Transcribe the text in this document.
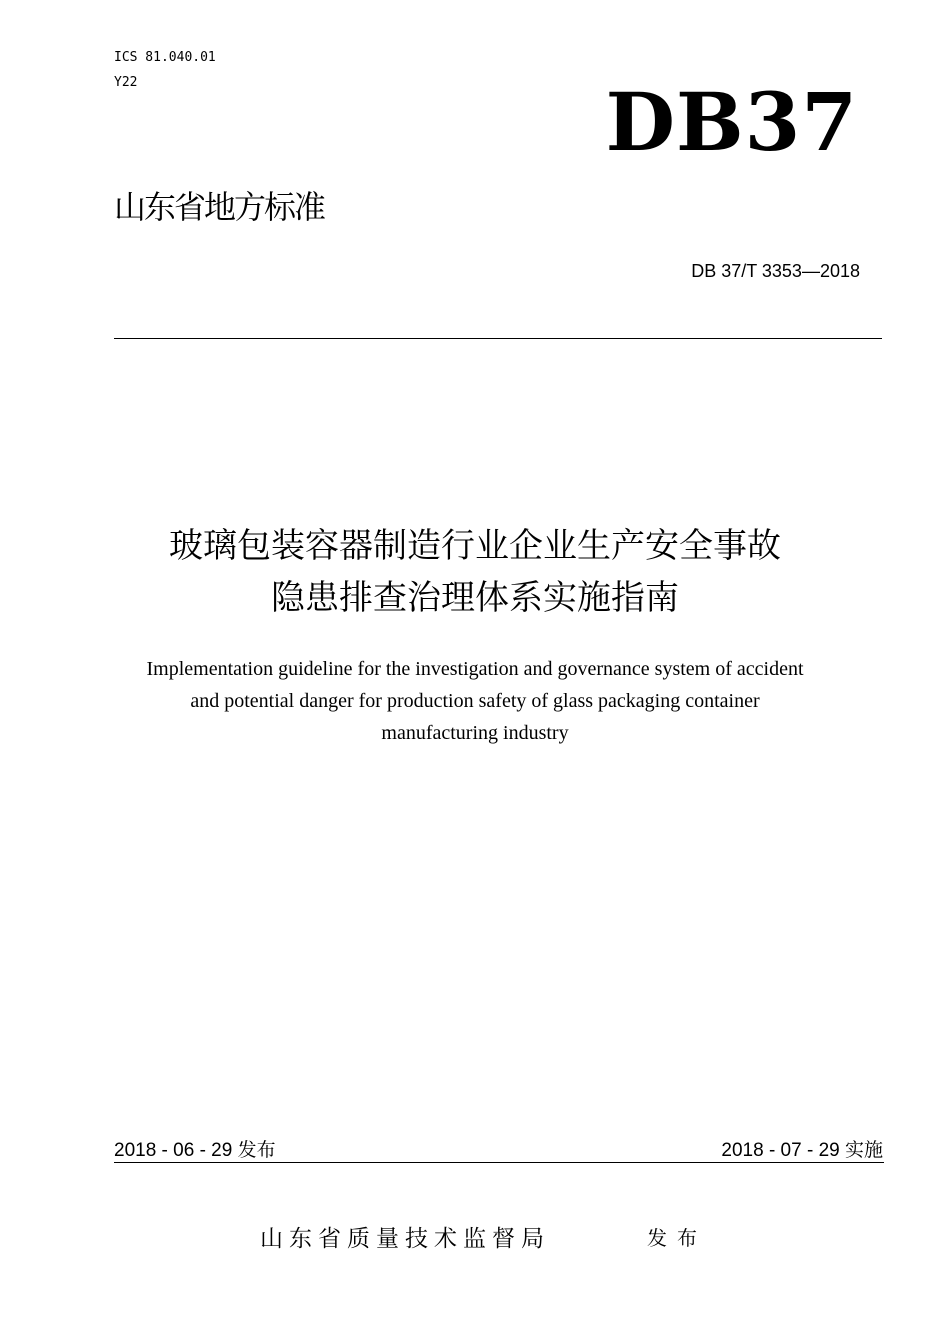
ICS 81.040.01
Y22	DB37
山东省地方标准
DB 37/T 3353—2018
玻璃包装容器制造行业企业生产安全事故
隐患排查治理体系实施指南
Implementation guideline for the investigation and governance system of accident
and potential danger for production safety of glass packaging container
manufacturing industry
2018 - 06 - 29 发布	2018 - 07 - 29 实施
山东省质量技术监督局	发布
